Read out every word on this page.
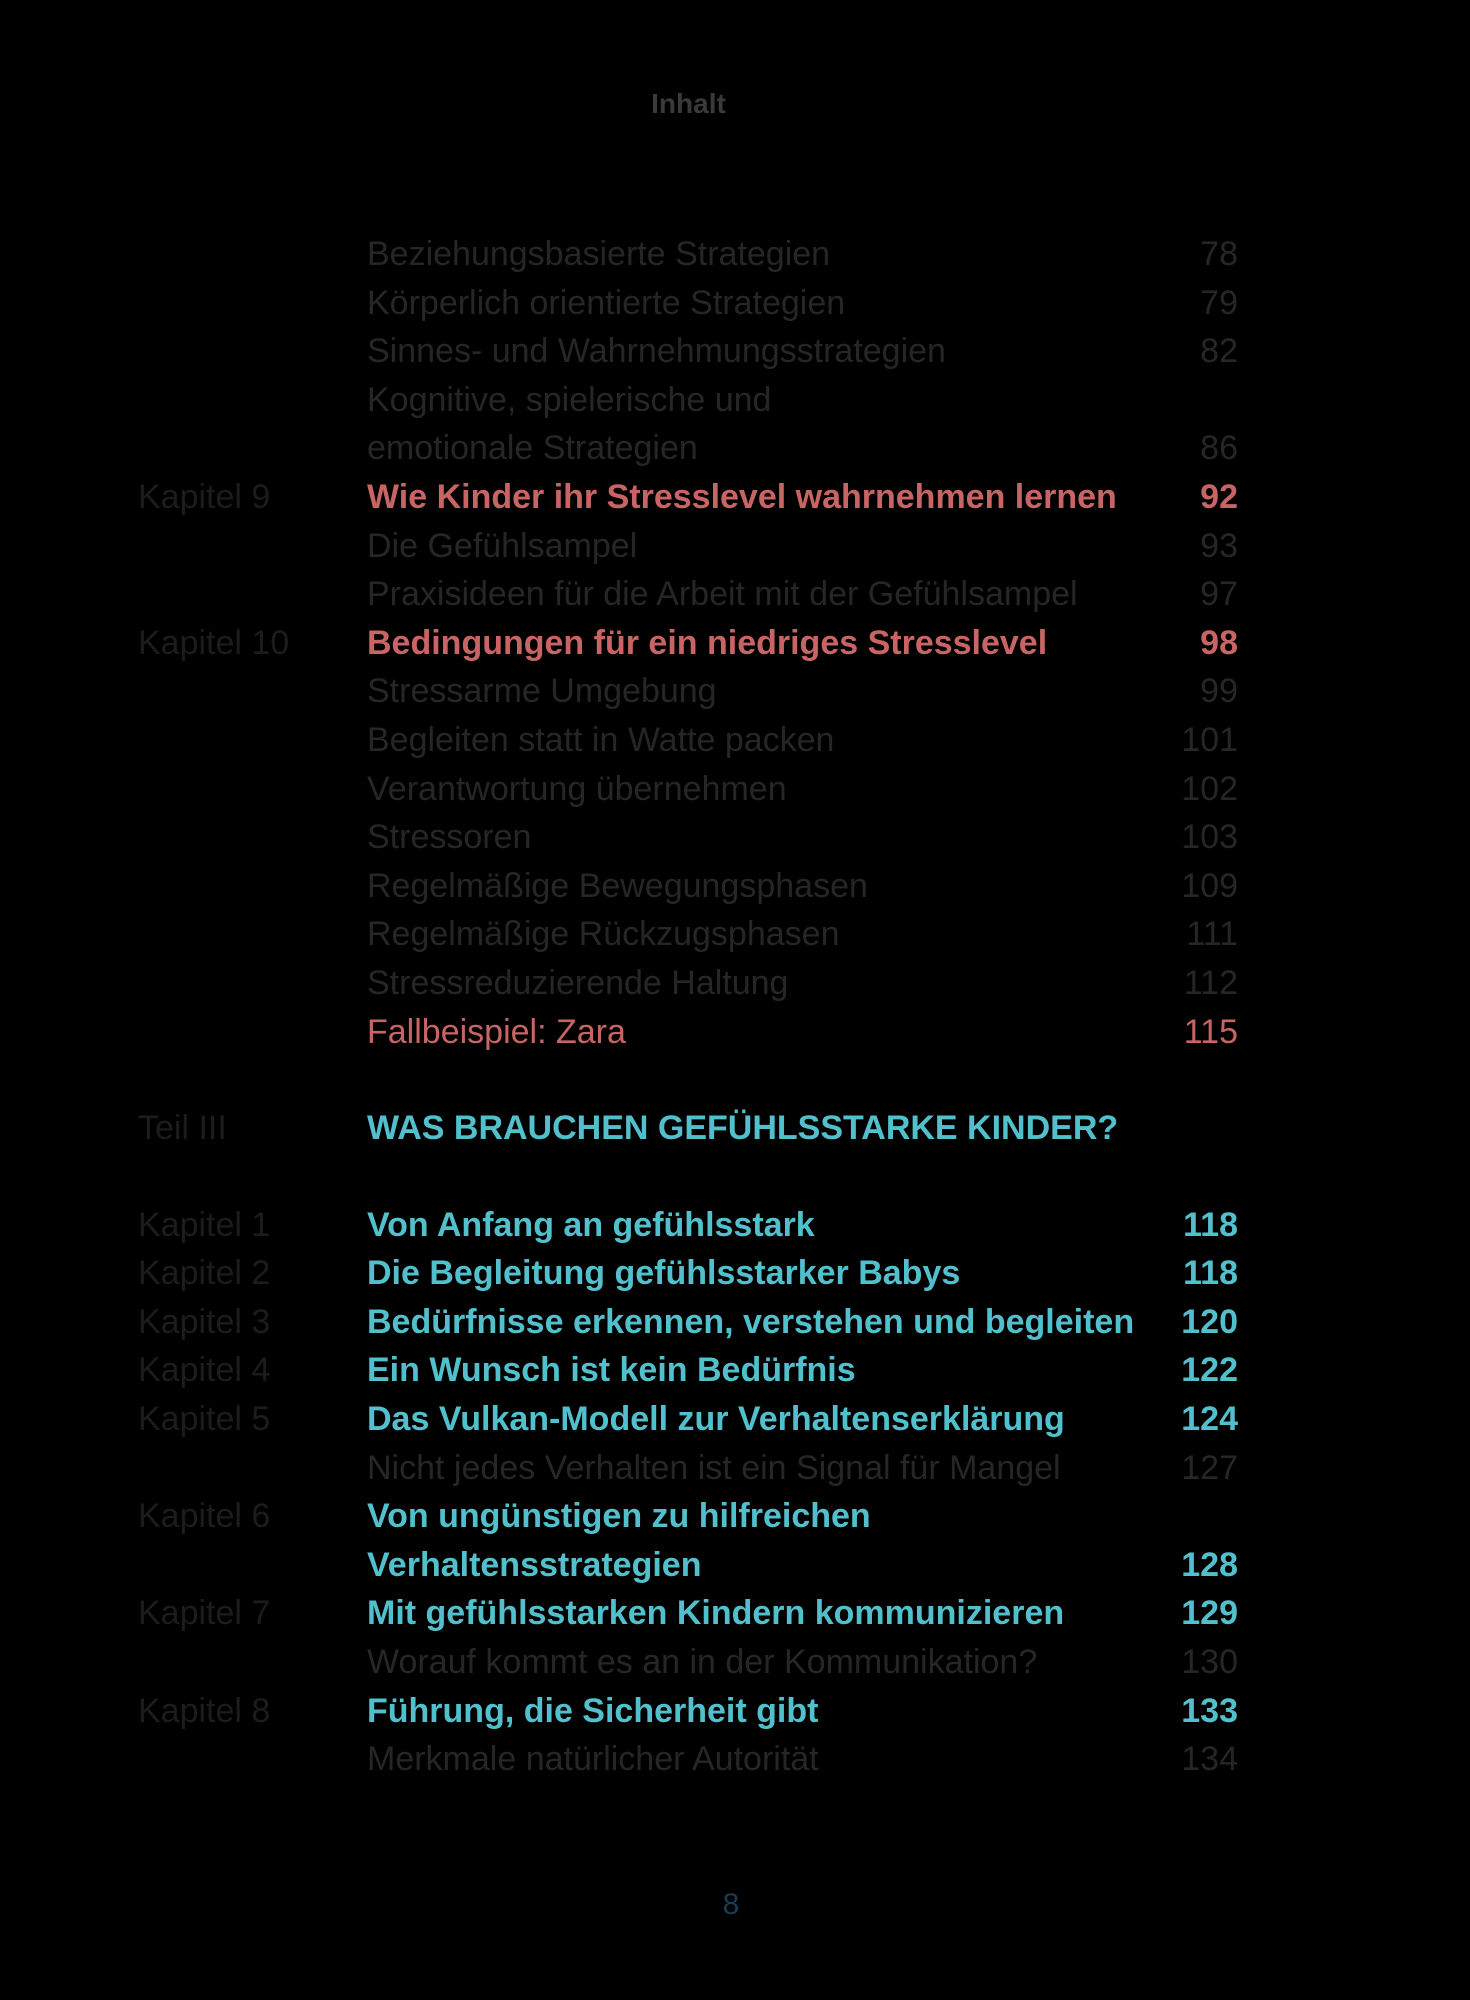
Inhalt
Beziehungsbasierte Strategien	78
Körperlich orientierte Strategien	79
Sinnes- und Wahrnehmungsstrategien	82
Kognitive, spielerische und
emotionale Strategien	86
Kapitel 9	Wie Kinder ihr Stresslevel wahrnehmen lernen 92
Die Gefühlsampel	93
Praxisideen für die Arbeit mit der Gefühlsampel	97
Kapitel 10 Bedingungen für ein niedriges Stresslevel	98
Stressarme Umgebung	99
Begleiten statt in Watte packen	101
Verantwortung übernehmen	102
Stressoren	103
Regelmäßige Bewegungsphasen	109
Regelmäßige Rückzugsphasen	111
Stressreduzierende Haltung	112
Fallbeispiel: Zara	115
Teil III	WAS BRAUCHEN GEFÜHLSSTARKE KINDER?
Kapitel 1	Von Anfang an gefühlsstark	118
Kapitel 2	Die Begleitung gefühlsstarker Babys	118
Kapitel 3	Bedürfnisse erkennen, verstehen und begleiten 120
Kapitel 4	Ein Wunsch ist kein Bedürfnis	122
Kapitel 5	Das Vulkan-Modell zur Verhaltenserklärung	124
Nicht jedes Verhalten ist ein Signal für Mangel	127
Kapitel 6	Von ungünstigen zu hilfreichen
Verhaltensstrategien	128
Kapitel 7	Mit gefühlsstarken Kindern kommunizieren	129
Worauf kommt es an in der Kommunikation?	130
Kapitel 8	Führung, die Sicherheit gibt	133
Merkmale natürlicher Autorität	134
8
